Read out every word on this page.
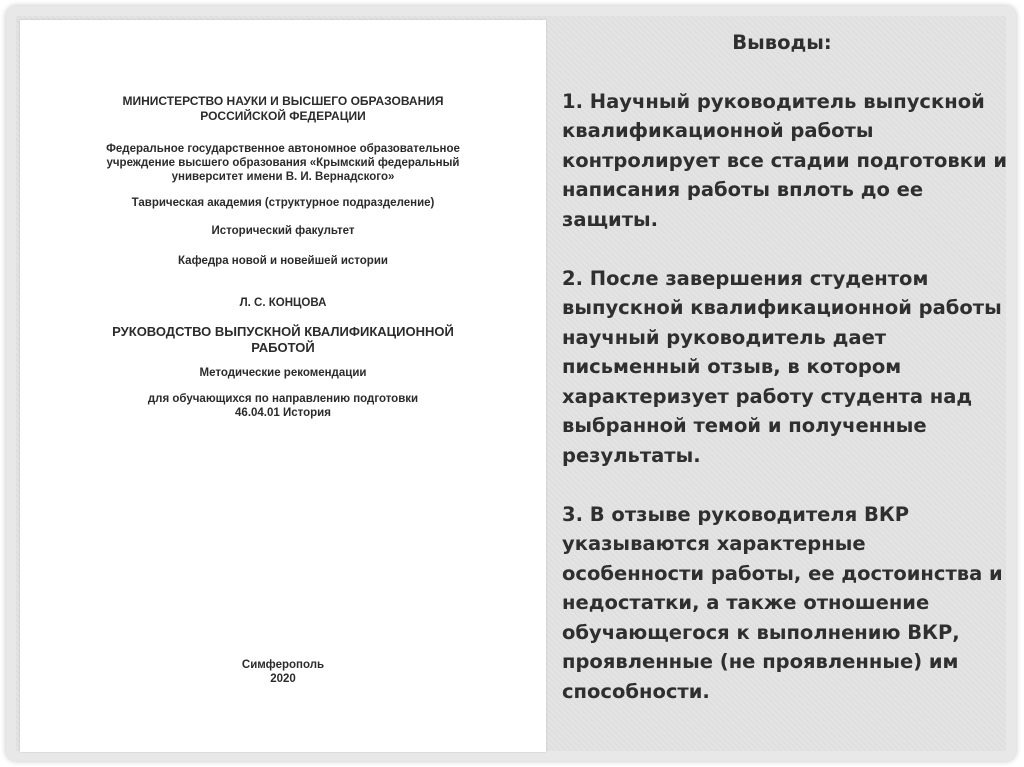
МИНИСТЕРСТВО НАУКИ И ВЫСШЕГО ОБРАЗОВАНИЯ РОССИЙСКОЙ ФЕДЕРАЦИИ
Федеральное государственное автономное образовательное учреждение высшего образования «Крымский федеральный университет имени В. И. Вернадского»
Таврическая академия (структурное подразделение)
Исторический факультет
Кафедра новой и новейшей истории
Л. С. КОНЦОВА
РУКОВОДСТВО ВЫПУСКНОЙ КВАЛИФИКАЦИОННОЙ РАБОТОЙ
Методические рекомендации
для обучающихся по направлению подготовки 46.04.01 История
Симферополь
2020
Выводы:

1. Научный руководитель выпускной квалификационной работы контролирует все стадии подготовки и написания работы вплоть до ее защиты.

2. После завершения студентом выпускной квалификационной работы научный руководитель дает письменный отзыв, в котором характеризует работу студента над выбранной темой и полученные результаты.

3. В отзыве руководителя ВКР указываются характерные особенности работы, ее достоинства и недостатки, а также отношение обучающегося к выполнению ВКР, проявленные (не проявленные) им способности.
